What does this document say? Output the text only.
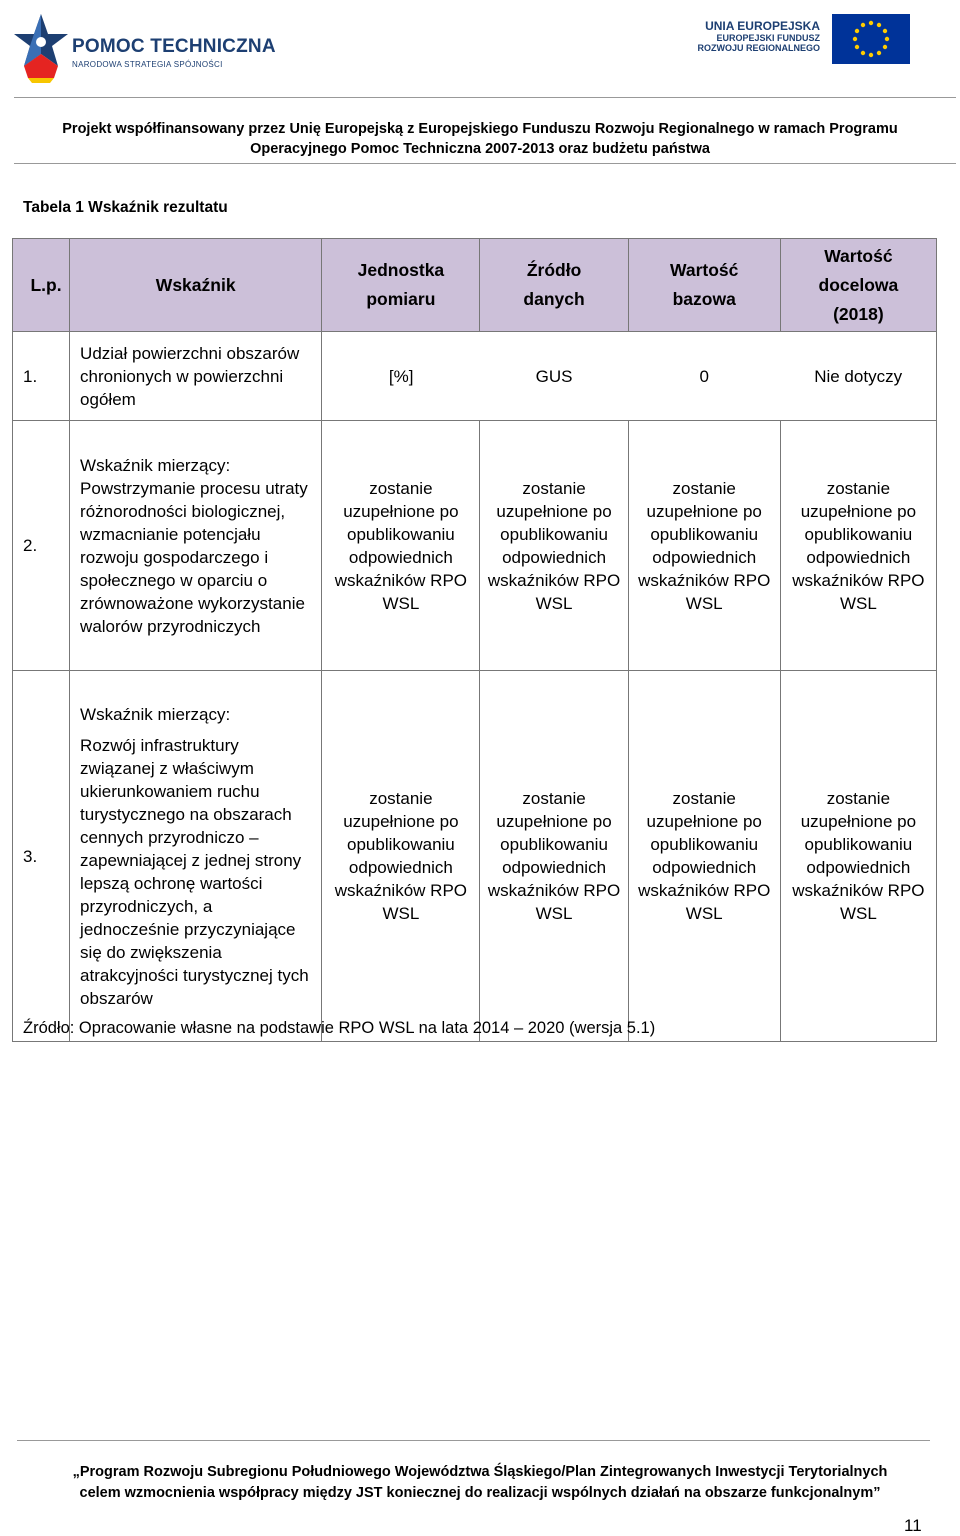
POMOC TECHNICZNA
NARODOWA STRATEGIA SPÓJNOŚCI
UNIA EUROPEJSKA
EUROPEJSKI FUNDUSZ
ROZWOJU REGIONALNEGO
Projekt współfinansowany przez Unię Europejską z Europejskiego Funduszu Rozwoju Regionalnego w ramach Programu
Operacyjnego Pomoc Techniczna 2007-2013 oraz budżetu państwa
Tabela 1 Wskaźnik rezultatu
L.p.	Wskaźnik	Jednostka pomiaru	Źródło danych	Wartość bazowa	Wartość docelowa (2018)
1.	Udział powierzchni obszarów chronionych w powierzchni ogółem	[%]	GUS	0	Nie dotyczy
2.	Wskaźnik mierzący: Powstrzymanie procesu utraty różnorodności biologicznej, wzmacnianie potencjału rozwoju gospodarczego i społecznego w oparciu o zrównoważone wykorzystanie walorów przyrodniczych	zostanie uzupełnione po opublikowaniu odpowiednich wskaźników RPO WSL	zostanie uzupełnione po opublikowaniu odpowiednich wskaźników RPO WSL	zostanie uzupełnione po opublikowaniu odpowiednich wskaźników RPO WSL	zostanie uzupełnione po opublikowaniu odpowiednich wskaźników RPO WSL
3.	Wskaźnik mierzący:
Rozwój infrastruktury związanej z właściwym ukierunkowaniem ruchu turystycznego na obszarach cennych przyrodniczo – zapewniającej z jednej strony lepszą ochronę wartości przyrodniczych, a jednocześnie przyczyniające się do zwiększenia atrakcyjności turystycznej tych obszarów	zostanie uzupełnione po opublikowaniu odpowiednich wskaźników RPO WSL	zostanie uzupełnione po opublikowaniu odpowiednich wskaźników RPO WSL	zostanie uzupełnione po opublikowaniu odpowiednich wskaźników RPO WSL	zostanie uzupełnione po opublikowaniu odpowiednich wskaźników RPO WSL
Źródło: Opracowanie własne na podstawie RPO WSL na lata 2014 – 2020 (wersja 5.1)
„Program Rozwoju Subregionu Południowego Województwa Śląskiego/Plan Zintegrowanych Inwestycji Terytorialnych
celem wzmocnienia współpracy między JST koniecznej do realizacji wspólnych działań na obszarze funkcjonalnym”
11
